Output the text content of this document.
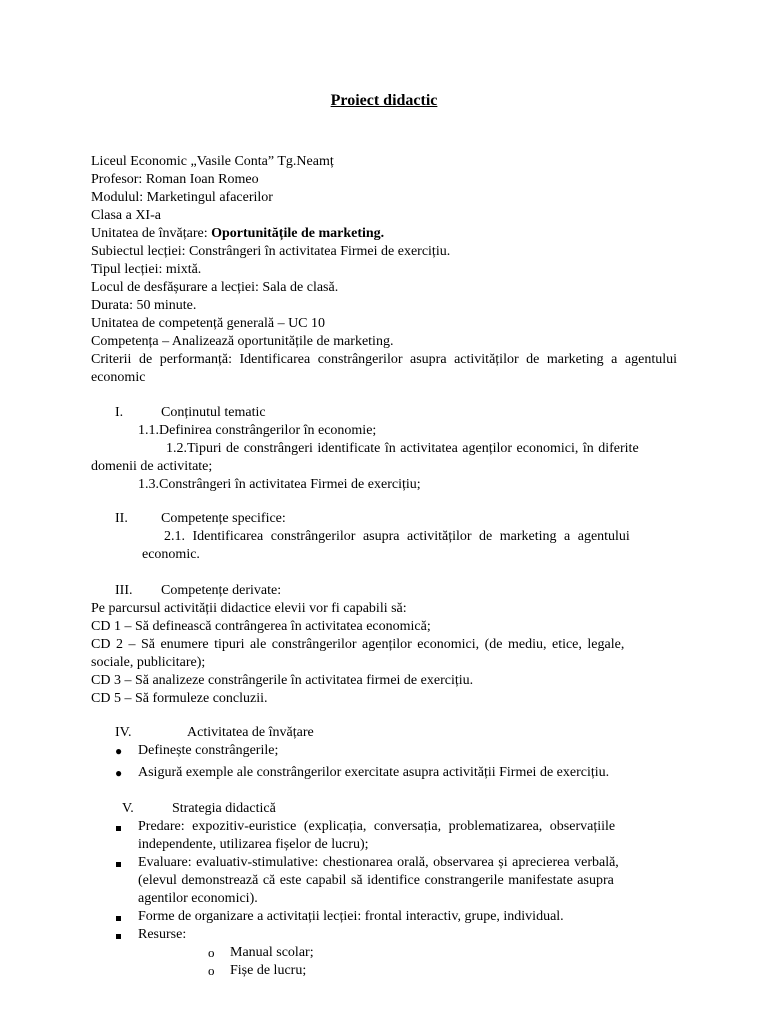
Proiect didactic
Liceul Economic „Vasile Conta” Tg.Neamț
Profesor: Roman Ioan Romeo
Modulul: Marketingul afacerilor
Clasa a XI-a
Unitatea de învățare: Oportunitățile de marketing.
Subiectul lecției: Constrângeri în activitatea Firmei de exercițiu.
Tipul lecției: mixtă.
Locul de desfășurare a lecției: Sala de clasă.
Durata: 50 minute.
Unitatea de competență generală – UC 10
Competența – Analizează oportunitățile de marketing.
Criterii de performanță: Identificarea constrângerilor asupra activităților de marketing a agentului economic
I.	Conținutul tematic
1.1.Definirea constrângerilor în economie;
1.2.Tipuri de constrângeri identificate în activitatea agenților economici, în diferite
domenii de activitate;
1.3.Constrângeri în activitatea Firmei de exercițiu;
II. Competențe specifice:
2.1. Identificarea constrângerilor asupra activităților de marketing a agentului
economic.
III. Competențe derivate:
Pe parcursul activității didactice elevii vor fi capabili să:
CD 1 – Să definească contrângerea în activitatea economică;
CD 2 – Să enumere tipuri ale constrângerilor agenților economici, (de mediu, etice, legale,
sociale, publicitare);
CD 3 – Să analizeze constrângerile în activitatea firmei de exercițiu.
CD 5 – Să formuleze concluzii.
IV.	Activitatea de învățare
● Definește constrângerile;
● Asigură exemple ale constrângerilor exercitate asupra activității Firmei de exercițiu.
V.	Strategia didactică
Predare: expozitiv-euristice (explicația, conversația, problematizarea, observațiile
independente, utilizarea fișelor de lucru);
Evaluare: evaluativ-stimulative: chestionarea orală, observarea și aprecierea verbală,
(elevul demonstrează că este capabil să identifice constrangerile manifestate asupra
agentilor economici).
Forme de organizare a activitații lecției: frontal interactiv, grupe, individual.
Resurse:
o Manual scolar;
o Fișe de lucru;
